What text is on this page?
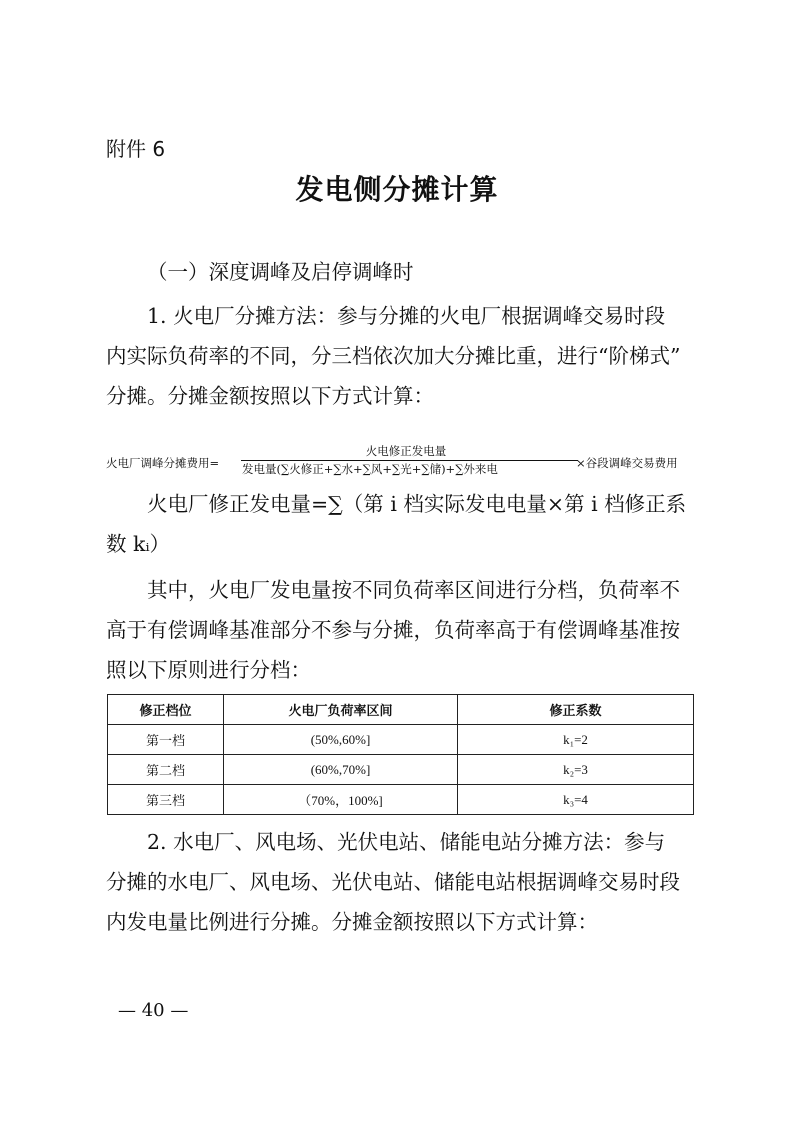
附件 6
发电侧分摊计算
（一）深度调峰及启停调峰时
1. 火电厂分摊方法：参与分摊的火电厂根据调峰交易时段
内实际负荷率的不同，分三档依次加大分摊比重，进行“阶梯式”
分摊。分摊金额按照以下方式计算：
火电厂调峰分摊费用=
火电修正发电量
发电量(∑火修正+∑水+∑风+∑光+∑储)+∑外来电	×谷段调峰交易费用
火电厂修正发电量=∑（第 i 档实际发电电量×第 i 档修正系
数 kᵢ）
其中，火电厂发电量按不同负荷率区间进行分档，负荷率不
高于有偿调峰基准部分不参与分摊，负荷率高于有偿调峰基准按
照以下原则进行分档：
修正档位	火电厂负荷率区间	修正系数
第一档	(50%,60%]	k₁=2
第二档	(60%,70%]	k₂=3
第三档	（70%，100%]	k₃=4
2. 水电厂、风电场、光伏电站、储能电站分摊方法：参与
分摊的水电厂、风电场、光伏电站、储能电站根据调峰交易时段
内发电量比例进行分摊。分摊金额按照以下方式计算：
— 40 —
